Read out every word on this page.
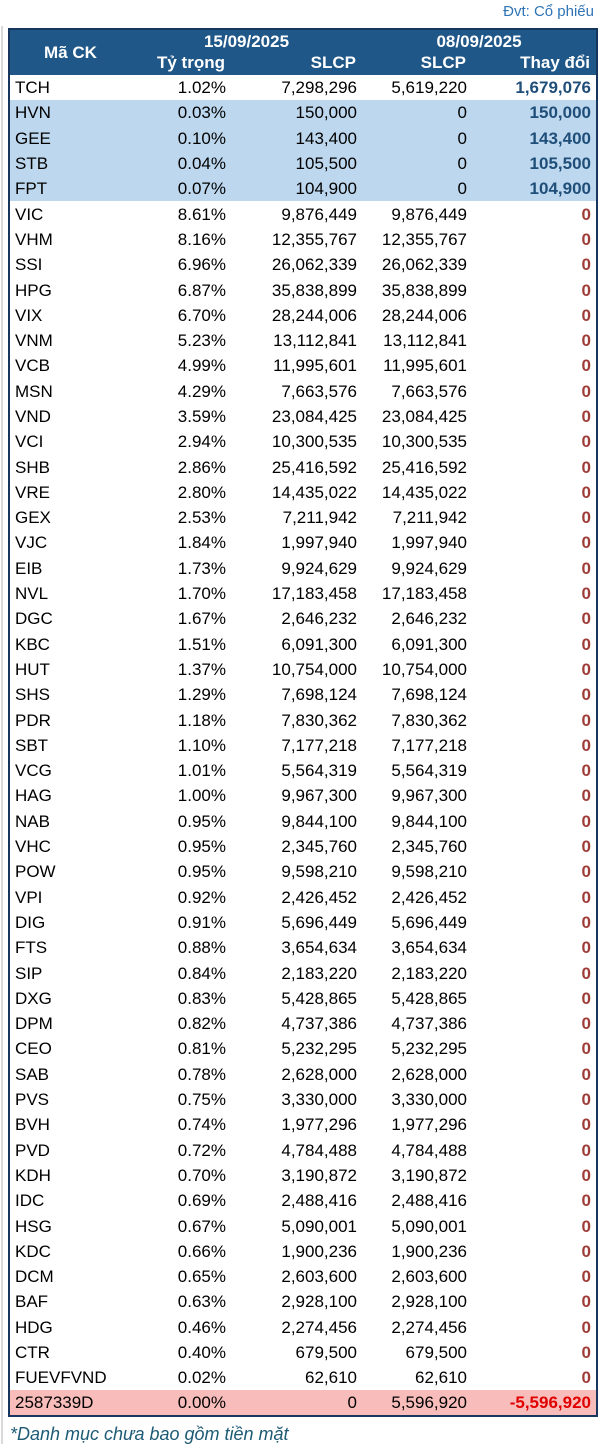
Đvt: Cổ phiếu
Mã CK	15/09/2025		08/09/2025	
	Tỷ trọng	SLCP	SLCP	Thay đổi
TCH	1.02%	7,298,296	5,619,220	1,679,076
HVN	0.03%	150,000	0	150,000
GEE	0.10%	143,400	0	143,400
STB	0.04%	105,500	0	105,500
FPT	0.07%	104,900	0	104,900
VIC	8.61%	9,876,449	9,876,449	0
VHM	8.16%	12,355,767	12,355,767	0
SSI	6.96%	26,062,339	26,062,339	0
HPG	6.87%	35,838,899	35,838,899	0
VIX	6.70%	28,244,006	28,244,006	0
VNM	5.23%	13,112,841	13,112,841	0
VCB	4.99%	11,995,601	11,995,601	0
MSN	4.29%	7,663,576	7,663,576	0
VND	3.59%	23,084,425	23,084,425	0
VCI	2.94%	10,300,535	10,300,535	0
SHB	2.86%	25,416,592	25,416,592	0
VRE	2.80%	14,435,022	14,435,022	0
GEX	2.53%	7,211,942	7,211,942	0
VJC	1.84%	1,997,940	1,997,940	0
EIB	1.73%	9,924,629	9,924,629	0
NVL	1.70%	17,183,458	17,183,458	0
DGC	1.67%	2,646,232	2,646,232	0
KBC	1.51%	6,091,300	6,091,300	0
HUT	1.37%	10,754,000	10,754,000	0
SHS	1.29%	7,698,124	7,698,124	0
PDR	1.18%	7,830,362	7,830,362	0
SBT	1.10%	7,177,218	7,177,218	0
VCG	1.01%	5,564,319	5,564,319	0
HAG	1.00%	9,967,300	9,967,300	0
NAB	0.95%	9,844,100	9,844,100	0
VHC	0.95%	2,345,760	2,345,760	0
POW	0.95%	9,598,210	9,598,210	0
VPI	0.92%	2,426,452	2,426,452	0
DIG	0.91%	5,696,449	5,696,449	0
FTS	0.88%	3,654,634	3,654,634	0
SIP	0.84%	2,183,220	2,183,220	0
DXG	0.83%	5,428,865	5,428,865	0
DPM	0.82%	4,737,386	4,737,386	0
CEO	0.81%	5,232,295	5,232,295	0
SAB	0.78%	2,628,000	2,628,000	0
PVS	0.75%	3,330,000	3,330,000	0
BVH	0.74%	1,977,296	1,977,296	0
PVD	0.72%	4,784,488	4,784,488	0
KDH	0.70%	3,190,872	3,190,872	0
IDC	0.69%	2,488,416	2,488,416	0
HSG	0.67%	5,090,001	5,090,001	0
KDC	0.66%	1,900,236	1,900,236	0
DCM	0.65%	2,603,600	2,603,600	0
BAF	0.63%	2,928,100	2,928,100	0
HDG	0.46%	2,274,456	2,274,456	0
CTR	0.40%	679,500	679,500	0
FUEVFVND	0.02%	62,610	62,610	0
2587339D	0.00%	0	5,596,920	-5,596,920
*Danh mục chưa bao gồm tiền mặt
